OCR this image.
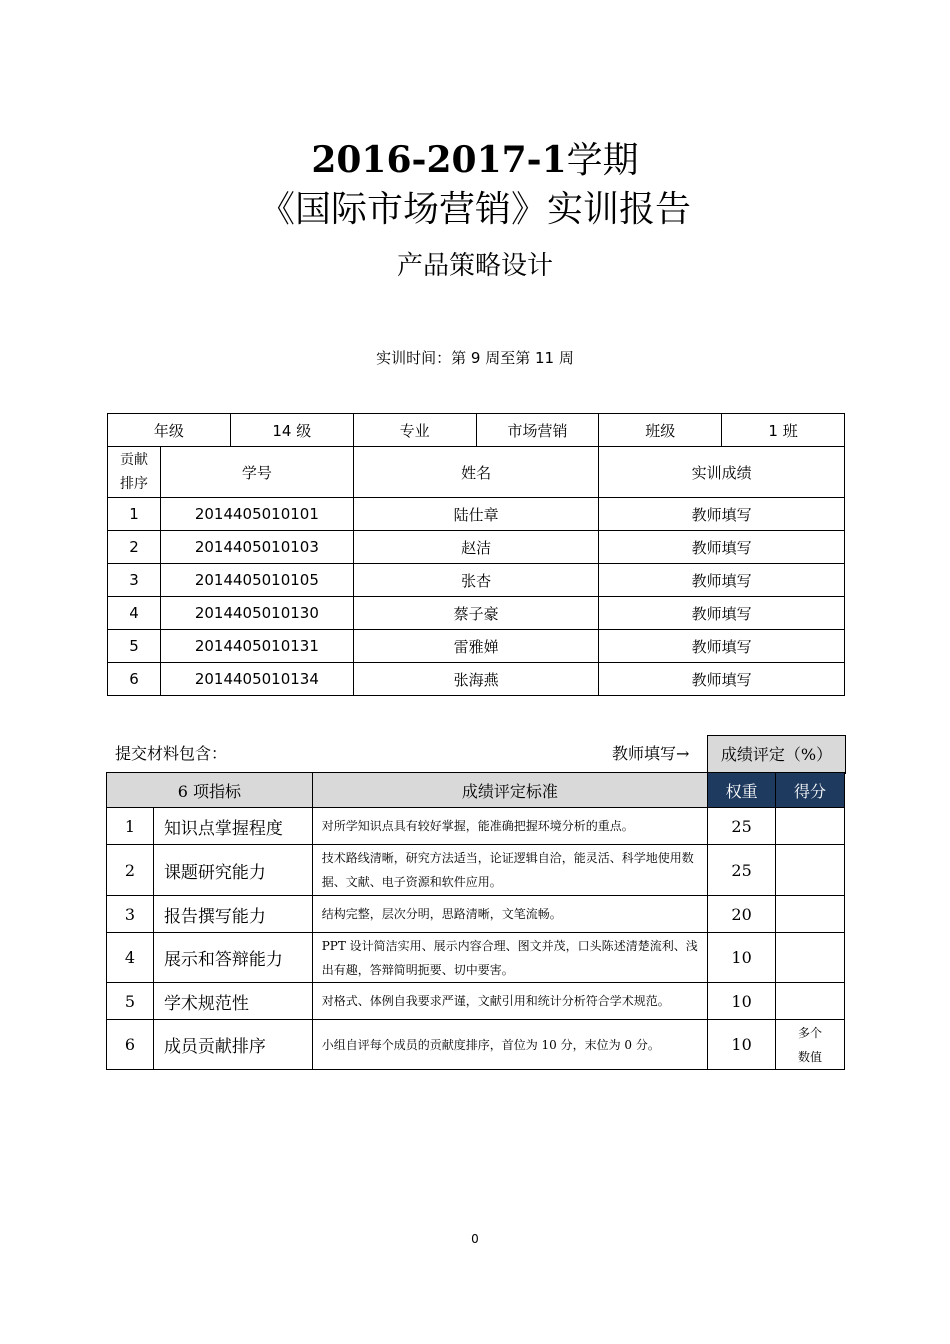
2016-2017-1学期
《国际市场营销》实训报告
产品策略设计
实训时间：第 9 周至第 11 周
年级		14 级	专业	市场营销	班级	1 班

贡献
排序	学号		姓名		实训成绩	
1	2014405010101		陆仕章		教师填写	
2	2014405010103		赵洁		教师填写	
3	2014405010105		张杏		教师填写	
4	2014405010130		蔡子豪		教师填写	
5	2014405010131		雷雅婵		教师填写	
6	2014405010134		张海燕		教师填写	
提交材料包含：	教师填写→	成绩评定（%）
6 项指标		成绩评定标准	权重	得分
1	知识点掌握程度	对所学知识点具有较好掌握，能准确把握环境分析的重点。	25	
2	课题研究能力	技术路线清晰，研究方法适当，论证逻辑自洽，能灵活、科学地使用数据、文献、电子资源和软件应用。	25	
3	报告撰写能力	结构完整，层次分明，思路清晰，文笔流畅。	20	
4	展示和答辩能力	PPT 设计简洁实用、展示内容合理、图文并茂，口头陈述清楚流利、浅出有趣，答辩简明扼要、切中要害。	10	
5	学术规范性	对格式、体例自我要求严谨，文献引用和统计分析符合学术规范。	10	
6	成员贡献排序	小组自评每个成员的贡献度排序，首位为 10 分，末位为 0 分。	10	多个
数值
0
